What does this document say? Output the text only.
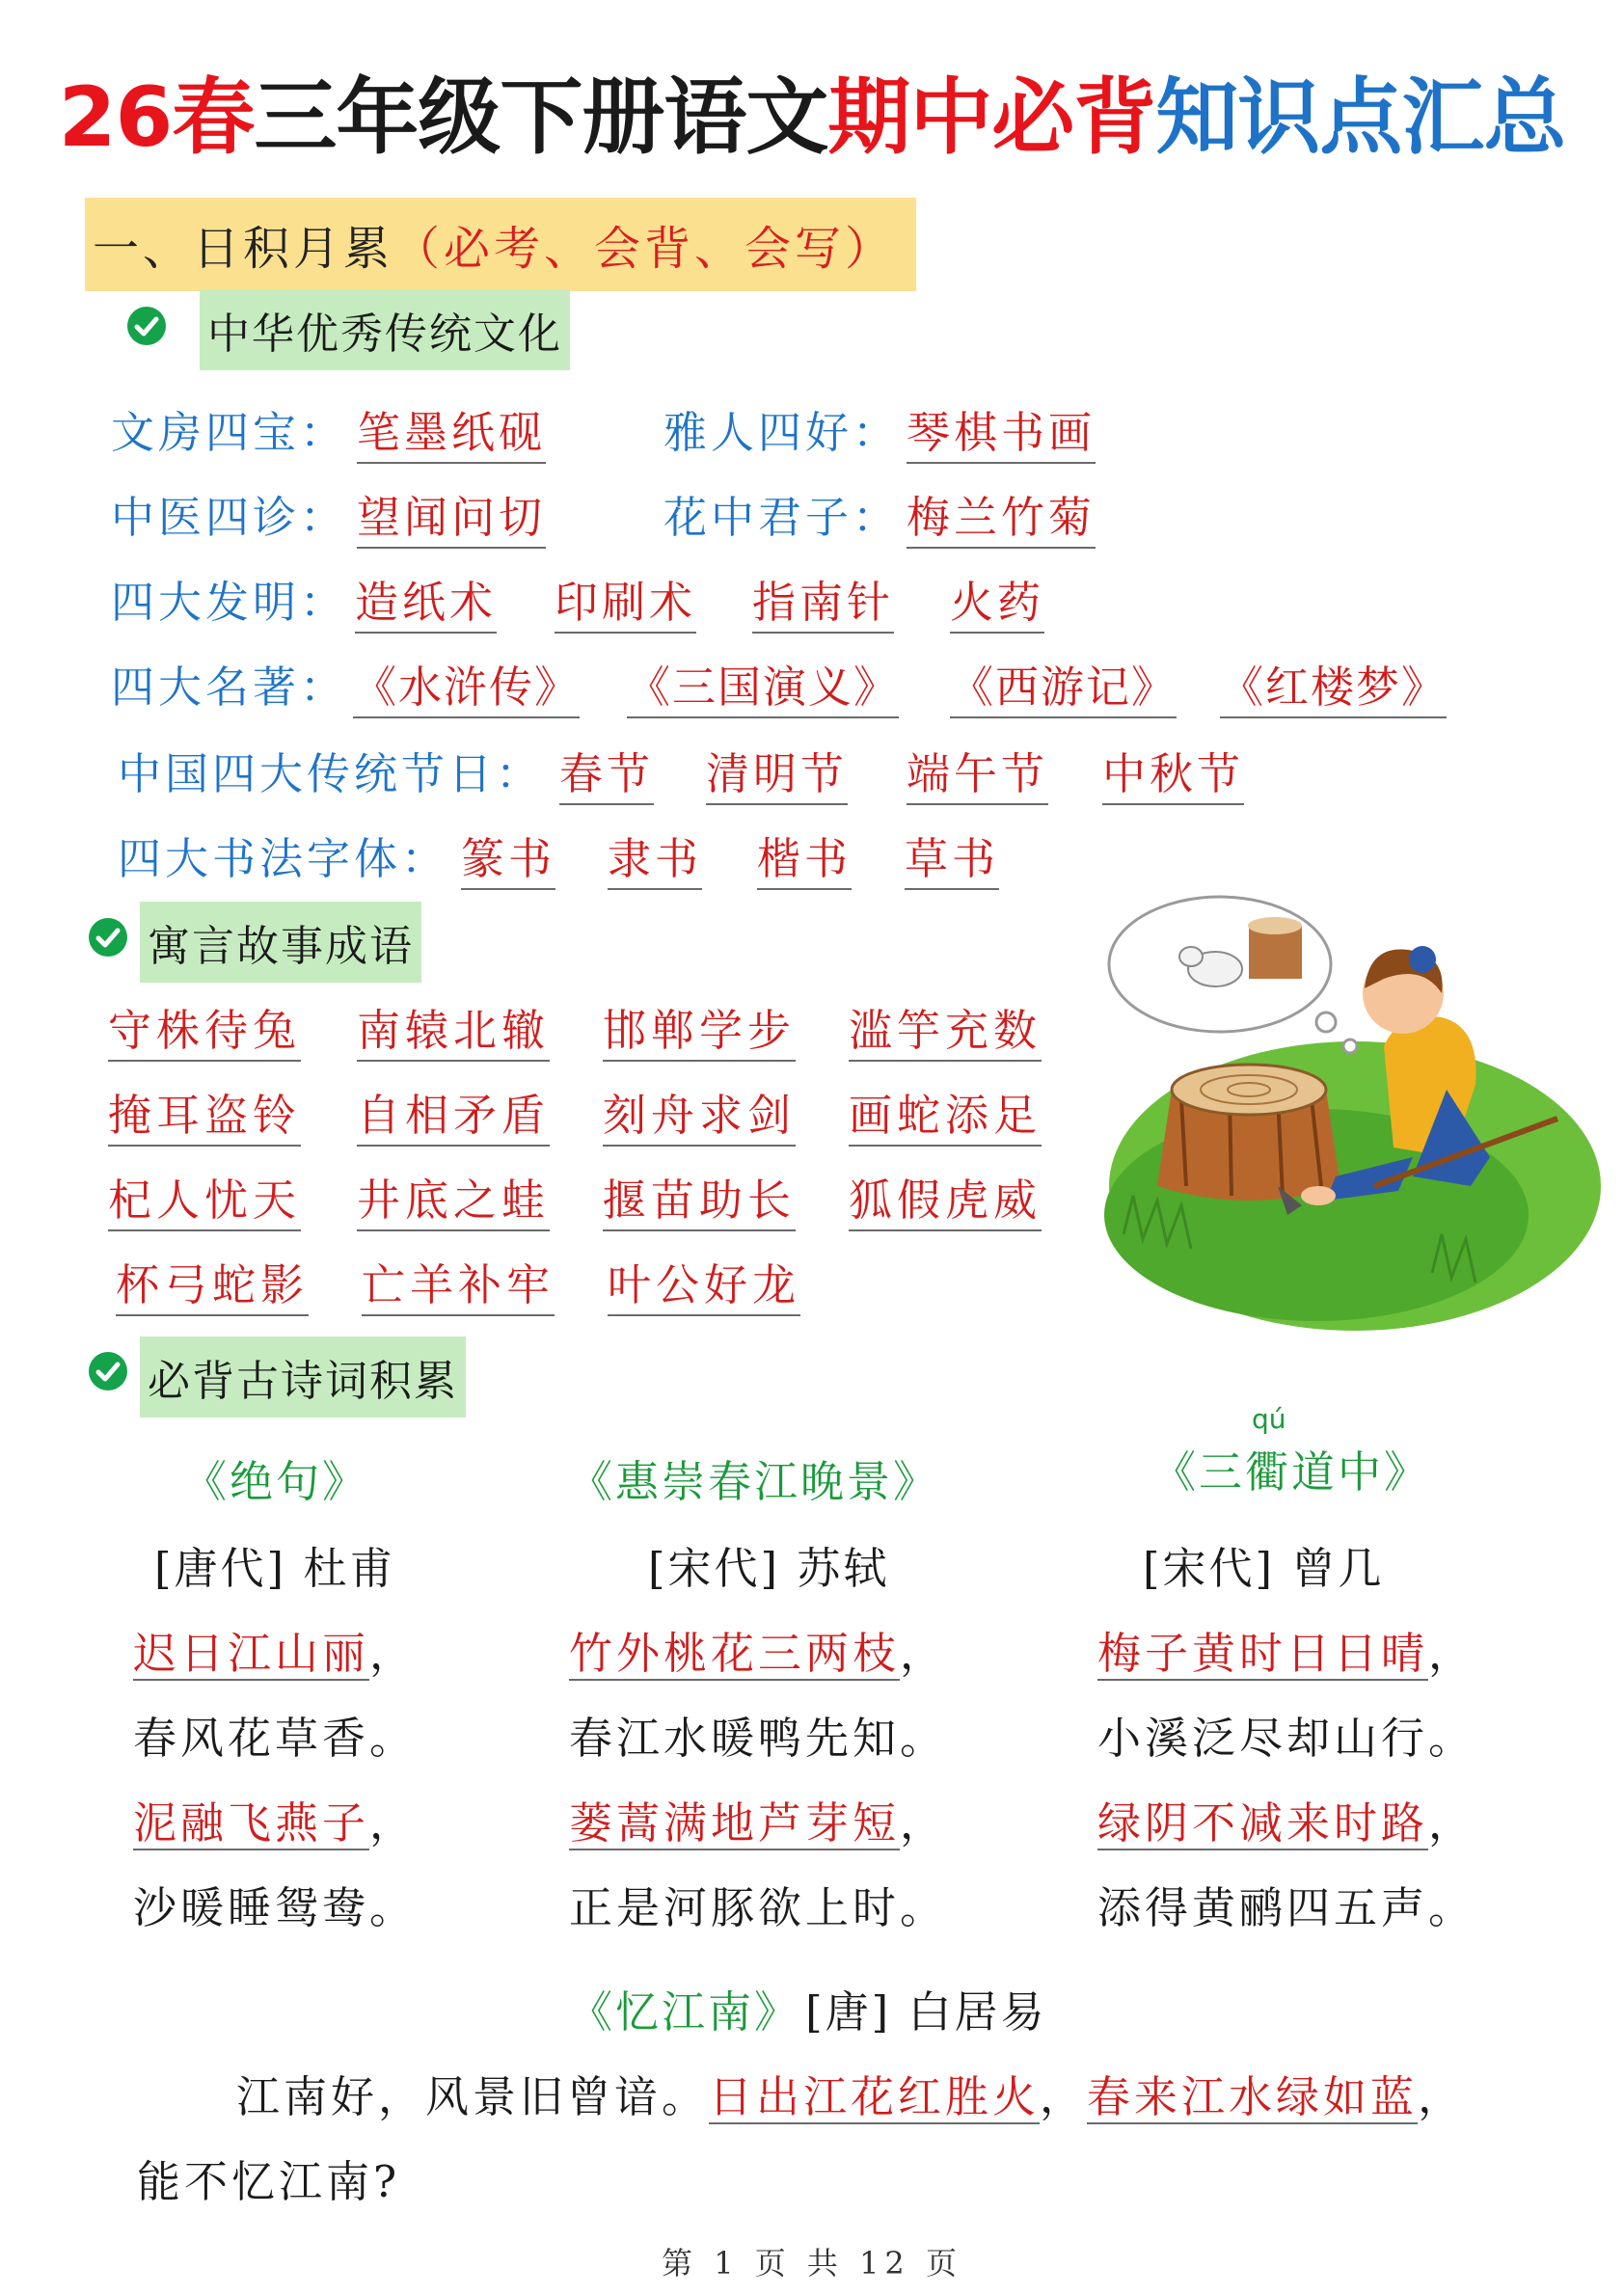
26春三年级下册语文期中必背知识点汇总
一、日积月累（必考、会背、会写）
中华优秀传统文化
文房四宝： 笔墨纸砚	雅人四好： 琴棋书画
中医四诊： 望闻问切	花中君子： 梅兰竹菊
四大发明： 造纸术 印刷术 指南针 火药
四大名著： 《水浒传》 《三国演义》 《西游记》 《红楼梦》
中国四大传统节日： 春节 清明节 端午节 中秋节
四大书法字体： 篆书 隶书 楷书 草书
寓言故事成语
守株待兔 南辕北辙 邯郸学步 滥竽充数
掩耳盗铃 自相矛盾 刻舟求剑 画蛇添足
杞人忧天 井底之蛙 揠苗助长 狐假虎威
杯弓蛇影 亡羊补牢 叶公好龙
必背古诗词积累
《绝句》
[唐代] 杜甫
迟日江山丽，
春风花草香。
泥融飞燕子，
沙暖睡鸳鸯。
《惠崇春江晚景》
[宋代] 苏轼
竹外桃花三两枝，
春江水暖鸭先知。
蒌蒿满地芦芽短，
正是河豚欲上时。
qú
《三衢道中》
[宋代] 曾几
梅子黄时日日晴，
小溪泛尽却山行。
绿阴不减来时路，
添得黄鹂四五声。
《忆江南》 [唐] 白居易
江南好，风景旧曾谙。日出江花红胜火，春来江水绿如蓝，
能不忆江南?
第 1 页 共 12 页
